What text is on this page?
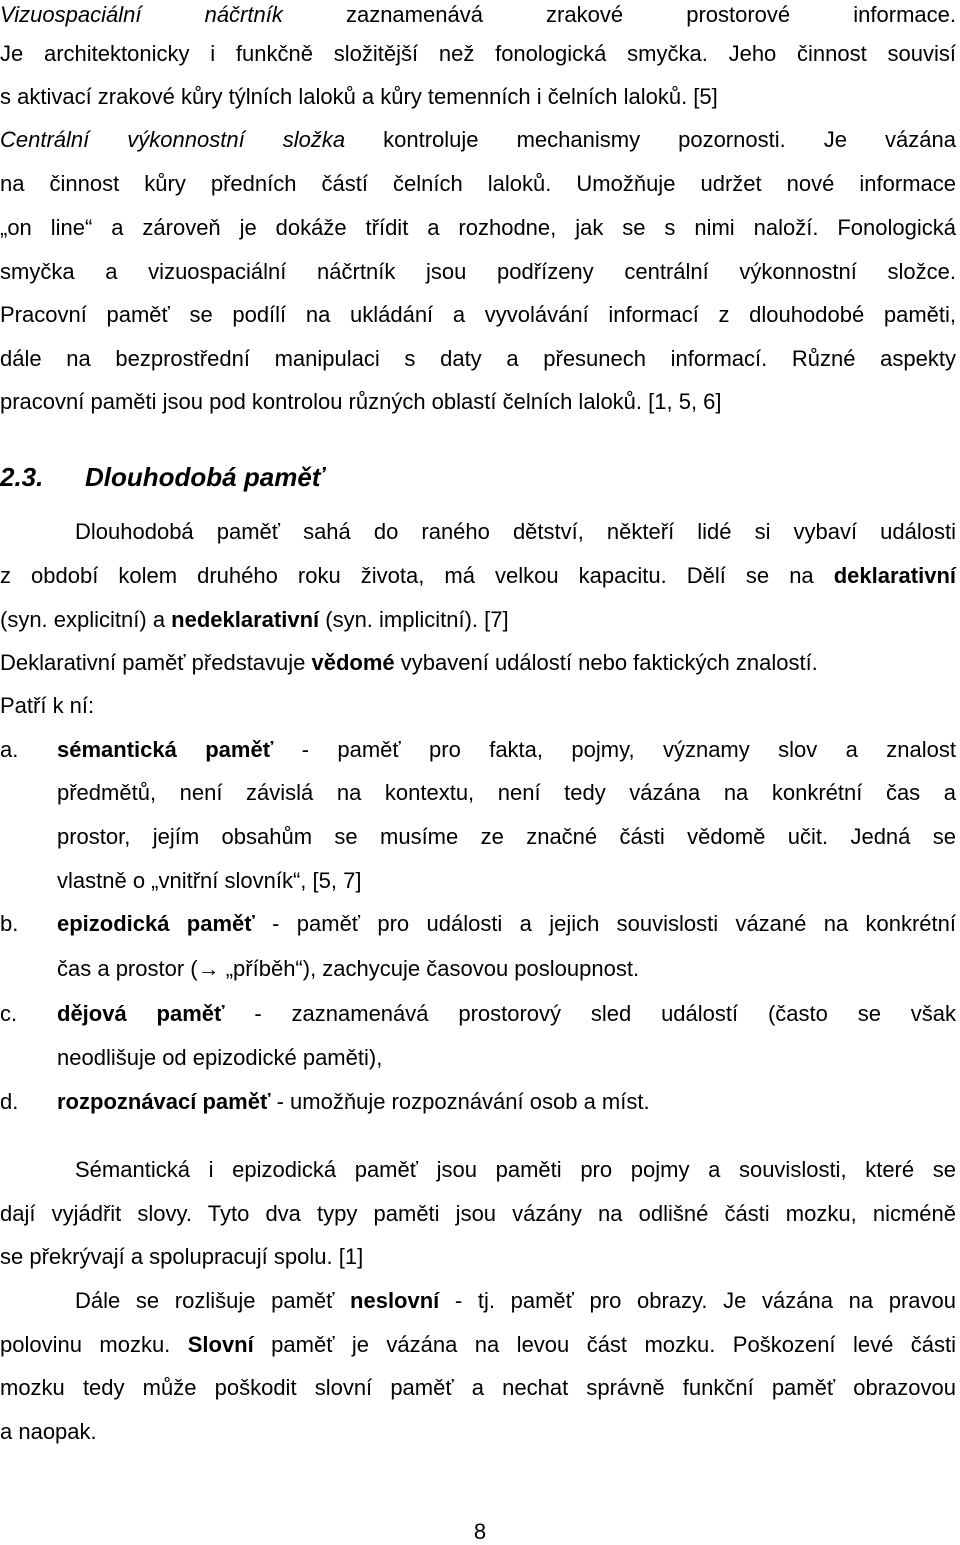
Vizuospaciální náčrtník zaznamenává zrakové prostorové informace.
Je architektonicky i funkčně složitější než fonologická smyčka. Jeho činnost souvisí
s aktivací zrakové kůry týlních laloků a kůry temenních i čelních laloků. [5]
Centrální výkonnostní složka kontroluje mechanismy pozornosti. Je vázána
na činnost kůry předních částí čelních laloků. Umožňuje udržet nové informace
„on line“ a zároveň je dokáže třídit a rozhodne, jak se s nimi naloží. Fonologická
smyčka a vizuospaciální náčrtník jsou podřízeny centrální výkonnostní složce.
Pracovní paměť se podílí na ukládání a vyvolávání informací z dlouhodobé paměti,
dále na bezprostřední manipulaci s daty a přesunech informací. Různé aspekty
pracovní paměti jsou pod kontrolou různých oblastí čelních laloků. [1, 5, 6]
2.3. Dlouhodobá paměť
Dlouhodobá paměť sahá do raného dětství, někteří lidé si vybaví události
z období kolem druhého roku života, má velkou kapacitu. Dělí se na deklarativní
(syn. explicitní) a nedeklarativní (syn. implicitní). [7]
Deklarativní paměť představuje vědomé vybavení událostí nebo faktických znalostí.
Patří k ní:
a. sémantická paměť - paměť pro fakta, pojmy, významy slov a znalost
předmětů, není závislá na kontextu, není tedy vázána na konkrétní čas a
prostor, jejím obsahům se musíme ze značné části vědomě učit. Jedná se
vlastně o „vnitřní slovník“, [5, 7]
b. epizodická paměť - paměť pro události a jejich souvislosti vázané na konkrétní
čas a prostor (→ „příběh“), zachycuje časovou posloupnost.
c. dějová paměť - zaznamenává prostorový sled událostí (často se však
neodlišuje od epizodické paměti),
d. rozpoznávací paměť - umožňuje rozpoznávání osob a míst.
Sémantická i epizodická paměť jsou paměti pro pojmy a souvislosti, které se
dají vyjádřit slovy. Tyto dva typy paměti jsou vázány na odlišné části mozku, nicméně
se překrývají a spolupracují spolu. [1]
Dále se rozlišuje paměť neslovní - tj. paměť pro obrazy. Je vázána na pravou
polovinu mozku. Slovní paměť je vázána na levou část mozku. Poškození levé části
mozku tedy může poškodit slovní paměť a nechat správně funkční paměť obrazovou
a naopak.
8
